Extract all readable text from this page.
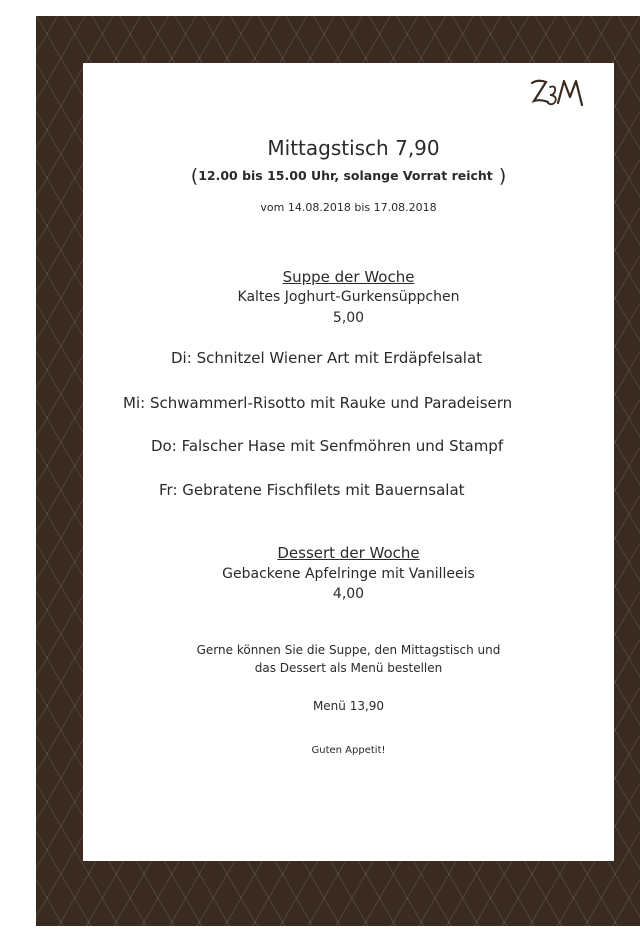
Mittagstisch 7,90
(12.00 bis 15.00 Uhr, solange Vorrat reicht )
vom 14.08.2018 bis 17.08.2018
Suppe der Woche
Kaltes Joghurt-Gurkensüppchen
5,00
Di: Schnitzel Wiener Art mit Erdäpfelsalat
Mi: Schwammerl-Risotto mit Rauke und Paradeisern
Do: Falscher Hase mit Senfmöhren und Stampf
Fr: Gebratene Fischfilets mit Bauernsalat
Dessert der Woche
Gebackene Apfelringe mit Vanilleeis
4,00
Gerne können Sie die Suppe, den Mittagstisch und
das Dessert als Menü bestellen
Menü 13,90
Guten Appetit!
